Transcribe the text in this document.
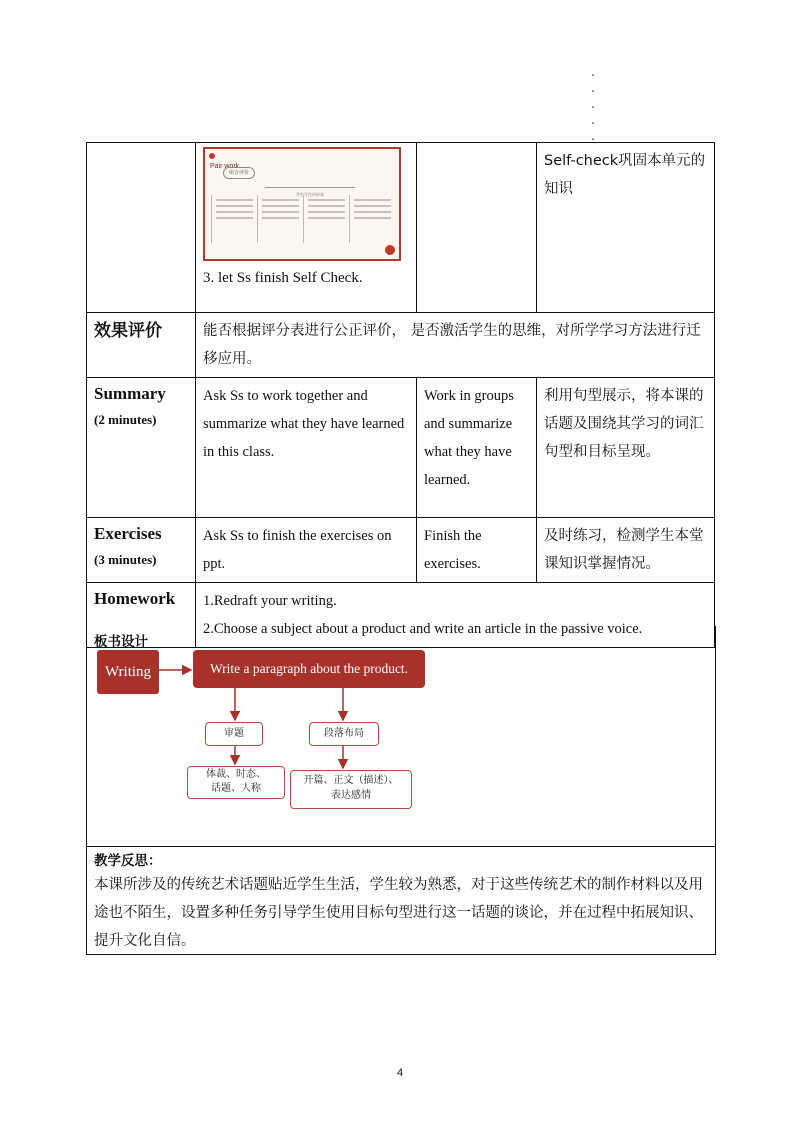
.
.
.
.
.

	Pair work
组合评价
学生写作评价表
3. let Ss finish Self Check.		Self-check巩固本单元的知识

效果评价	能否根据评分表进行公正评价， 是否激活学生的思维，对所学学习方法进行迁移应用。		

Summary
(2 minutes)	Ask Ss to work together and summarize what they have learned in this class.	Work in groups and summarize what they have learned.	利用句型展示，将本课的话题及围绕其学习的词汇句型和目标呈现。

Exercises
(3 minutes)	Ask Ss to finish the exercises on ppt.	Finish the exercises.	及时练习，检测学生本堂课知识掌握情况。

Homework	1.Redraft your writing.
2.Choose a subject about a product and write an article in the passive voice.		
板书设计
Writing	Write a paragraph about the product.
审题	段落布局
体裁、时态、
话题、人称
开篇、正文（描述）、
表达感情
教学反思：
本课所涉及的传统艺术话题贴近学生生活，学生较为熟悉，对于这些传统艺术的制作材料以及用途也不陌生，设置多种任务引导学生使用目标句型进行这一话题的谈论，并在过程中拓展知识、提升文化自信。
4
